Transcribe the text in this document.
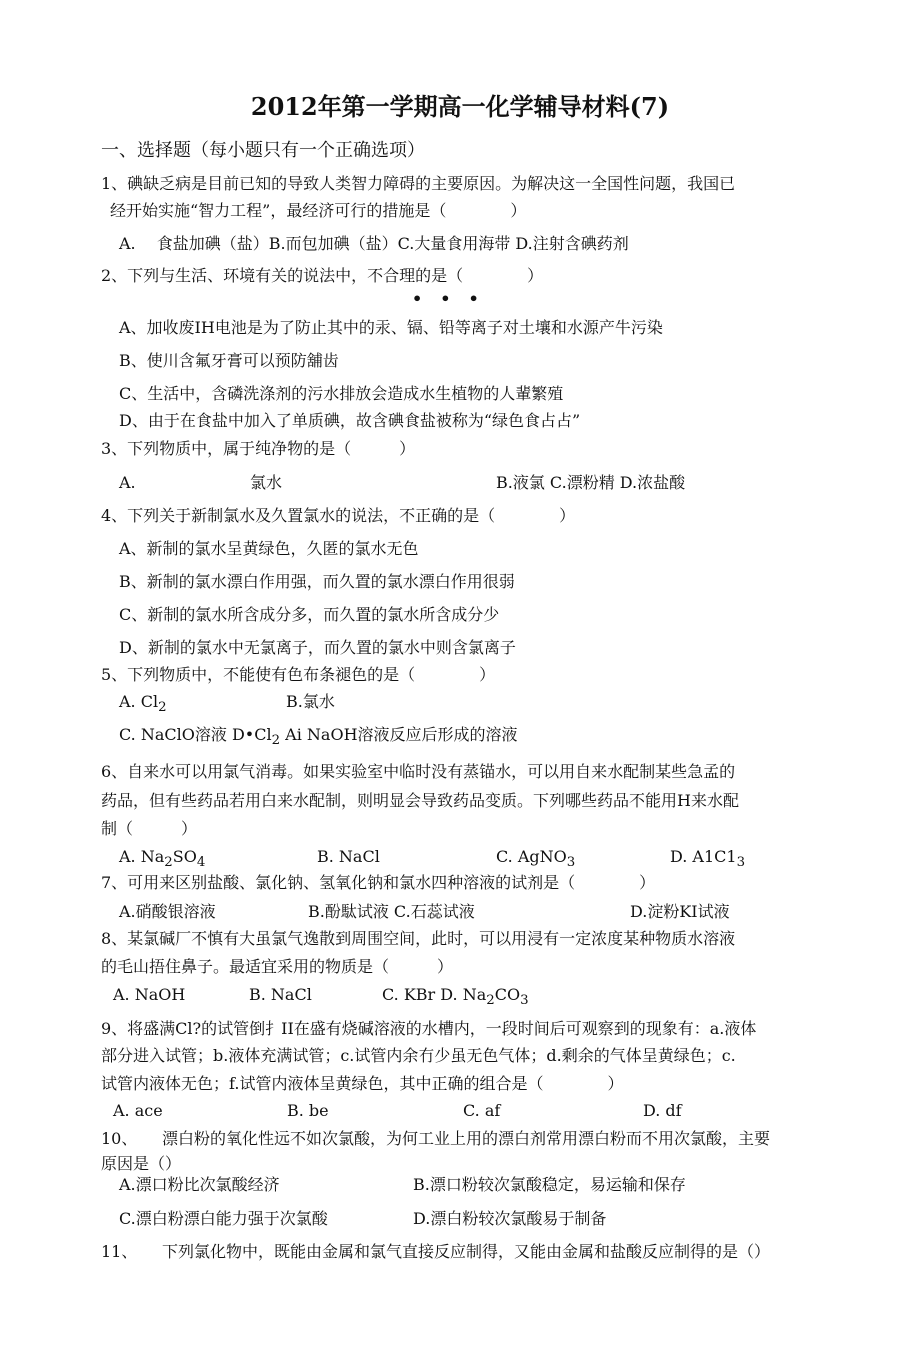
2012年第一学期高一化学辅导材料(7)
一、选择题（每小题只有一个正确选项）
1、碘缺乏病是目前已知的导致人类智力障碍的主要原因。为解决这一全国性问题，我国已
经开始实施“智力工程”，最经济可行的措施是（　　　　）
A.　 食盐加碘（盐）B.而包加碘（盐）C.大量食用海带 D.注射含碘药剂
2、下列与生活、环境有关的说法中，不合理的是（　　　　）
•••
A、加收废IH电池是为了防止其中的汞、镉、铅等离子对土壤和水源产牛污染
B、使川含氟牙膏可以预防舖齿
C、生活中，含磷洗涤剂的污水排放会造成水生植物的人輩繁殖
D、由于在食盐中加入了单质碘，故含碘食盐被称为“绿色食占占”
3、下列物质中，属于纯净物的是（　　　）
A.	氯水	B.液氯 C.漂粉精 D.浓盐酸
4、下列关于新制氯水及久置氯水的说法，不正确的是（　　　　）
A、新制的氯水呈黄绿色，久匿的氯水无色
B、新制的氯水漂白作用强，而久置的氯水漂白作用很弱
C、新制的氯水所含成分多，而久置的氯水所含成分少
D、新制的氯水中无氯离子，而久置的氯水中则含氯离子
5、下列物质中，不能使有色布条褪色的是（　　　　）
A. $Cl_2$	B.氯水
C. NaClO溶液 $D•Cl_2$ Ai NaOH溶液反应后形成的溶液
6、自来水可以用氯气消毒。如果实验室中临时没有蒸锚水，可以用自来水配制某些急孟的
药品，但有些药品若用白来水配制，则明显会导致药品变质。下列哪些药品不能用H来水配
制（　　　）
A. $Na_2SO_4$	B. NaCl	C. AgNO$_3$	D. $A1C1_3$
7、可用来区别盐酸、氯化钠、氢氧化钠和氯水四种溶液的试剂是（　　　　）
A.硝酸银溶液	B.酚駄试液 C.石蕊试液	D.淀粉KI试液
8、某氯碱厂不慎有大虽氯气逸散到周围空间，此时，可以用浸有一定浓度某种物质水溶液
的毛山捂住鼻子。最适宜采用的物质是（　　　）
A. NaOH	B. NaCl	C. KBr D. $Na_2CO_3$
9、将盛满Cl?的试管倒扌II在盛有烧碱溶液的水槽内，一段时间后可观察到的现象有：a.液体
部分进入试管；b.液体充满试管；c.试管内余冇少虽无色气体；d.剩余的气体呈黄绿色；c.
试管内液体无色；f.试管内液体呈黄绿色，其中正确的组合是（　　　　）
A. ace	B. be	C. af	D. df
10、 漂白粉的氧化性远不如次氯酸，为何工业上用的漂白剂常用漂白粉而不用次氯酸，主要
原因是（）
A.漂口粉比次氯酸经济	B.漂口粉较次氯酸稳定，易运输和保存
C.漂白粉漂白能力强于次氯酸	D.漂白粉较次氯酸易于制备
11、 下列氯化物中，既能由金属和氯气直接反应制得，又能由金属和盐酸反应制得的是（）
